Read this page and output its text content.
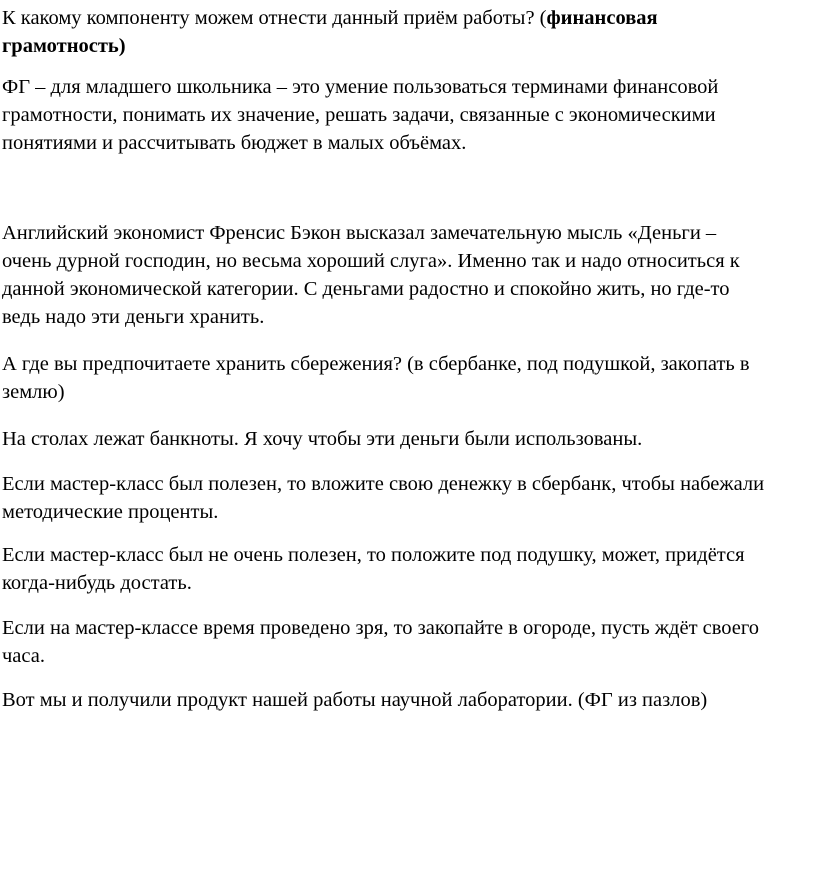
К какому компоненту можем отнести данный приём работы? (финансовая
грамотность)

ФГ – для младшего школьника – это умение пользоваться терминами финансовой
грамотности, понимать их значение, решать задачи, связанные с экономическими
понятиями и рассчитывать бюджет в малых объёмах.

Английский экономист Френсис Бэкон высказал замечательную мысль «Деньги –
очень дурной господин, но весьма хороший слуга». Именно так и надо относиться к
данной экономической категории. С деньгами радостно и спокойно жить, но где-то
ведь надо эти деньги хранить.

А где вы предпочитаете хранить сбережения? (в сбербанке, под подушкой, закопать в
землю)

На столах лежат банкноты. Я хочу чтобы эти деньги были использованы.

Если мастер-класс был полезен, то вложите свою денежку в сбербанк, чтобы набежали
методические проценты.

Если мастер-класс был не очень полезен, то положите под подушку, может, придётся
когда-нибудь достать.

Если на мастер-классе время проведено зря, то закопайте в огороде, пусть ждёт своего
часа.

Вот мы и получили продукт нашей работы научной лаборатории. (ФГ из пазлов)
